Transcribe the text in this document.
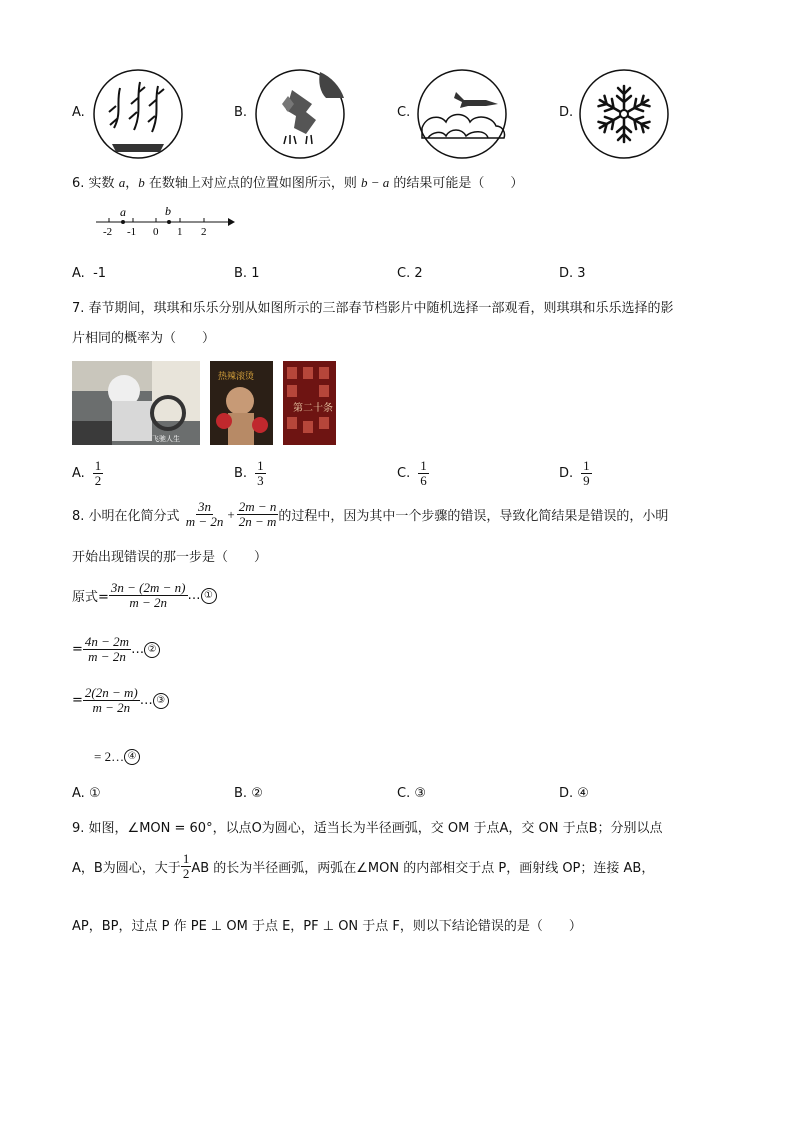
A.	B.	C.	D.
6. 实数 a，b 在数轴上对应点的位置如图所示，则 b − a 的结果可能是（　　）
a	b
-2 -1 0 1 2
A. -1	B. 1	C. 2	D. 3
7. 春节期间，琪琪和乐乐分别从如图所示的三部春节档影片中随机选择一部观看，则琪琪和乐乐选择的影
片相同的概率为（　　）
飞驰人生
热辣滚烫
第二十条
A. $\frac{1}{2}$	B. $\frac{1}{3}$	C. $\frac{1}{6}$	D. $\frac{1}{9}$
8. 小明在化简分式
$\frac{3n}{m - 2n} + \frac{2m - n}{2n - m}$ 的过程中，因为其中一个步骤的错误，导致化简结果是错误的，小明
开始出现错误的那一步是（　　）
原式= $\frac{3n - (2m - n)}{m - 2n}$ … ①
= $\frac{4n - 2m}{m - 2n}$ … ②
= $\frac{2(2n - m)}{m - 2n}$ … ③
= 2… ④
A. ①	B. ②	C. ③	D. ④
9. 如图，∠MON = 60°，以点O为圆心，适当长为半径画弧，交 OM 于点A，交 ON 于点B；分别以点
A，B为圆心，大于 $\frac{1}{2}$ AB 的长为半径画弧，两弧在∠MON 的内部相交于点 P，画射线 OP；连接 AB，
AP，BP，过点 P 作 PE ⊥ OM 于点 E，PF ⊥ ON 于点 F，则以下结论错误的是（　　）
